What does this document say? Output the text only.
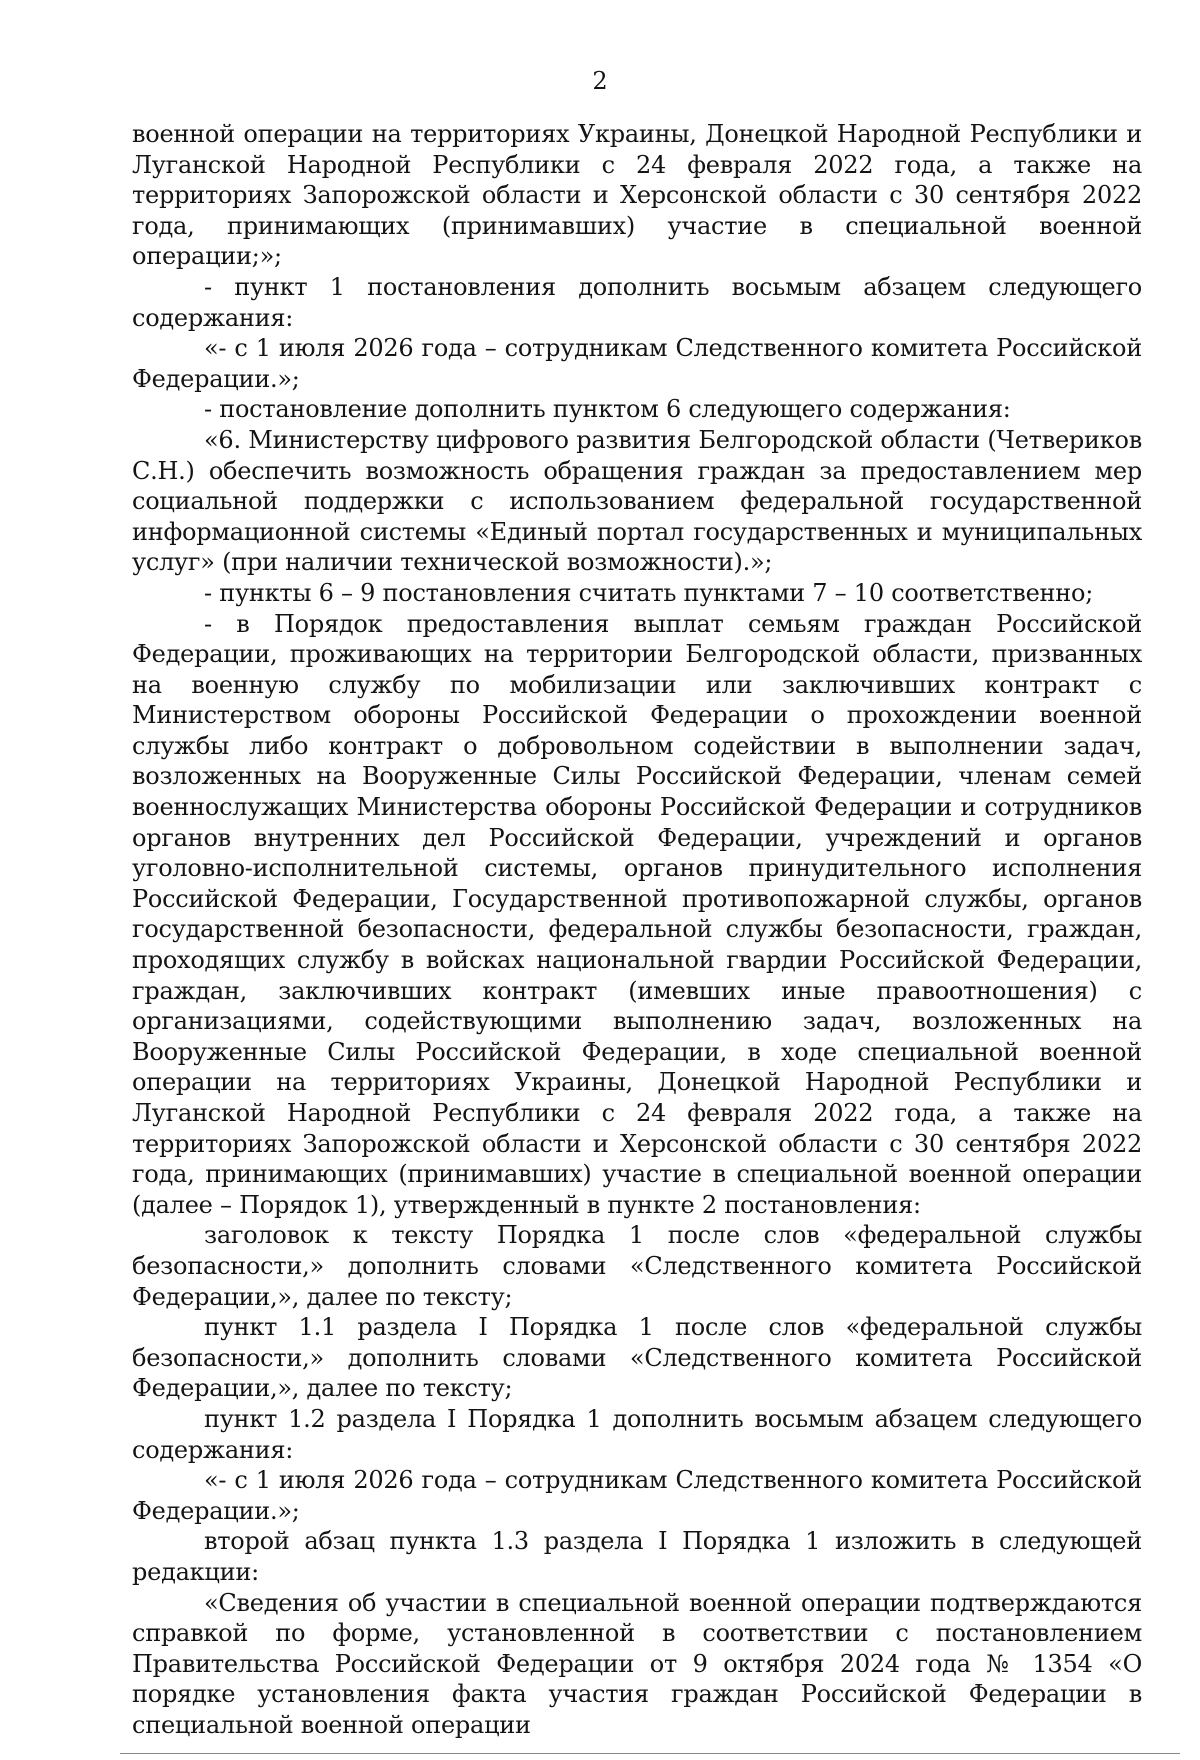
2

военной операции на территориях Украины, Донецкой Народной Республики и Луганской Народной Республики с 24 февраля 2022 года, а также на территориях Запорожской области и Херсонской области с 30 сентября 2022 года, принимающих (принимавших) участие в специальной военной операции;»;

- пункт 1 постановления дополнить восьмым абзацем следующего содержания:

«- с 1 июля 2026 года – сотрудникам Следственного комитета Российской Федерации.»;

- постановление дополнить пунктом 6 следующего содержания:

«6. Министерству цифрового развития Белгородской области (Четвериков С.Н.) обеспечить возможность обращения граждан за предоставлением мер социальной поддержки с использованием федеральной государственной информационной системы «Единый портал государственных и муниципальных услуг» (при наличии технической возможности).»;

- пункты 6 – 9 постановления считать пунктами 7 – 10 соответственно;

- в Порядок предоставления выплат семьям граждан Российской Федерации, проживающих на территории Белгородской области, призванных на военную службу по мобилизации или заключивших контракт с Министерством обороны Российской Федерации о прохождении военной службы либо контракт о добровольном содействии в выполнении задач, возложенных на Вооруженные Силы Российской Федерации, членам семей военнослужащих Министерства обороны Российской Федерации и сотрудников органов внутренних дел Российской Федерации, учреждений и органов уголовно-исполнительной системы, органов принудительного исполнения Российской Федерации, Государственной противопожарной службы, органов государственной безопасности, федеральной службы безопасности, граждан, проходящих службу в войсках национальной гвардии Российской Федерации, граждан, заключивших контракт (имевших иные правоотношения) с организациями, содействующими выполнению задач, возложенных на Вооруженные Силы Российской Федерации, в ходе специальной военной операции на территориях Украины, Донецкой Народной Республики и Луганской Народной Республики с 24 февраля 2022 года, а также на территориях Запорожской области и Херсонской области с 30 сентября 2022 года, принимающих (принимавших) участие в специальной военной операции (далее – Порядок 1), утвержденный в пункте 2 постановления:

заголовок к тексту Порядка 1 после слов «федеральной службы безопасности,» дополнить словами «Следственного комитета Российской Федерации,», далее по тексту;

пункт 1.1 раздела I Порядка 1 после слов «федеральной службы безопасности,» дополнить словами «Следственного комитета Российской Федерации,», далее по тексту;

пункт 1.2 раздела I Порядка 1 дополнить восьмым абзацем следующего содержания:

«- с 1 июля 2026 года – сотрудникам Следственного комитета Российской Федерации.»;

второй абзац пункта 1.3 раздела I Порядка 1 изложить в следующей редакции:

«Сведения об участии в специальной военной операции подтверждаются справкой по форме, установленной в соответствии с постановлением Правительства Российской Федерации от 9 октября 2024 года № 1354 «О порядке установления факта участия граждан Российской Федерации в специальной военной операции
